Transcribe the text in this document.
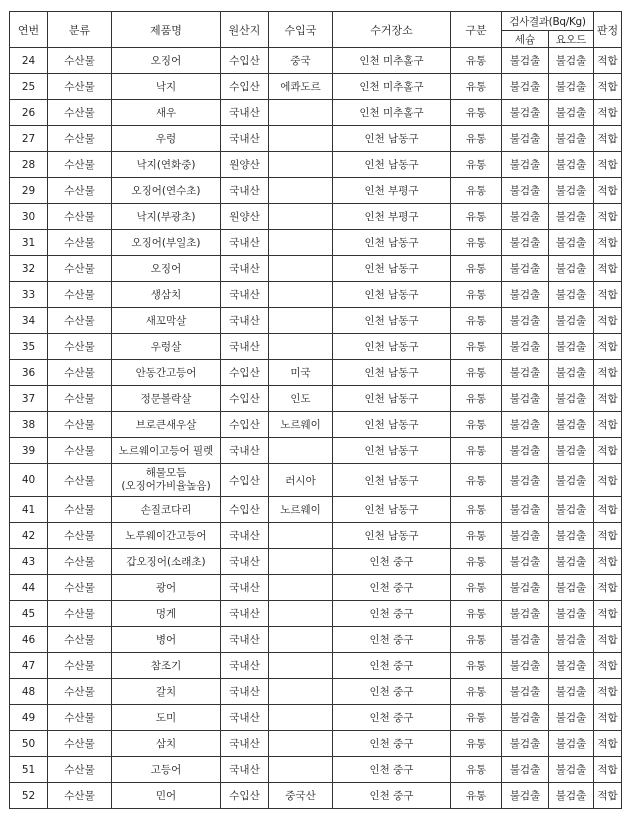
연번	분류	제품명	원산지	수입국	수거장소	구분	검사결과(Bq/Kg)		판정
							세슘	요오드	
24	수산물	오징어	수입산	중국	인천 미추홀구	유통	불검출	불검출	적합
25	수산물	낙지	수입산	에콰도르	인천 미추홀구	유통	불검출	불검출	적합
26	수산물	새우	국내산		인천 미추홀구	유통	불검출	불검출	적합
27	수산물	우렁	국내산		인천 남동구	유통	불검출	불검출	적합
28	수산물	낙지(연화중)	원양산		인천 남동구	유통	불검출	불검출	적합
29	수산물	오징어(연수초)	국내산		인천 부평구	유통	불검출	불검출	적합
30	수산물	낙지(부광초)	원양산		인천 부평구	유통	불검출	불검출	적합
31	수산물	오징어(부일초)	국내산		인천 남동구	유통	불검출	불검출	적합
32	수산물	오징어	국내산		인천 남동구	유통	불검출	불검출	적합
33	수산물	생삼치	국내산		인천 남동구	유통	불검출	불검출	적합
34	수산물	새꼬막살	국내산		인천 남동구	유통	불검출	불검출	적합
35	수산물	우렁살	국내산		인천 남동구	유통	불검출	불검출	적합
36	수산물	안동간고등어	수입산	미국	인천 남동구	유통	불검출	불검출	적합
37	수산물	정문볼락살	수입산	인도	인천 남동구	유통	불검출	불검출	적합
38	수산물	브로큰새우살	수입산	노르웨이	인천 남동구	유통	불검출	불검출	적합
39	수산물	노르웨이고등어 필렛	국내산		인천 남동구	유통	불검출	불검출	적합
40	수산물	해물모듬
(오징어가비율높음)	수입산	러시아	인천 남동구	유통	불검출	불검출	적합
41	수산물	손질코다리	수입산	노르웨이	인천 남동구	유통	불검출	불검출	적합
42	수산물	노루웨이간고등어	국내산		인천 남동구	유통	불검출	불검출	적합
43	수산물	갑오징어(소래초)	국내산		인천 중구	유통	불검출	불검출	적합
44	수산물	광어	국내산		인천 중구	유통	불검출	불검출	적합
45	수산물	멍게	국내산		인천 중구	유통	불검출	불검출	적합
46	수산물	병어	국내산		인천 중구	유통	불검출	불검출	적합
47	수산물	참조기	국내산		인천 중구	유통	불검출	불검출	적합
48	수산물	갈치	국내산		인천 중구	유통	불검출	불검출	적합
49	수산물	도미	국내산		인천 중구	유통	불검출	불검출	적합
50	수산물	삼치	국내산		인천 중구	유통	불검출	불검출	적합
51	수산물	고등어	국내산		인천 중구	유통	불검출	불검출	적합
52	수산물	민어	수입산	중국산	인천 중구	유통	불검출	불검출	적합
